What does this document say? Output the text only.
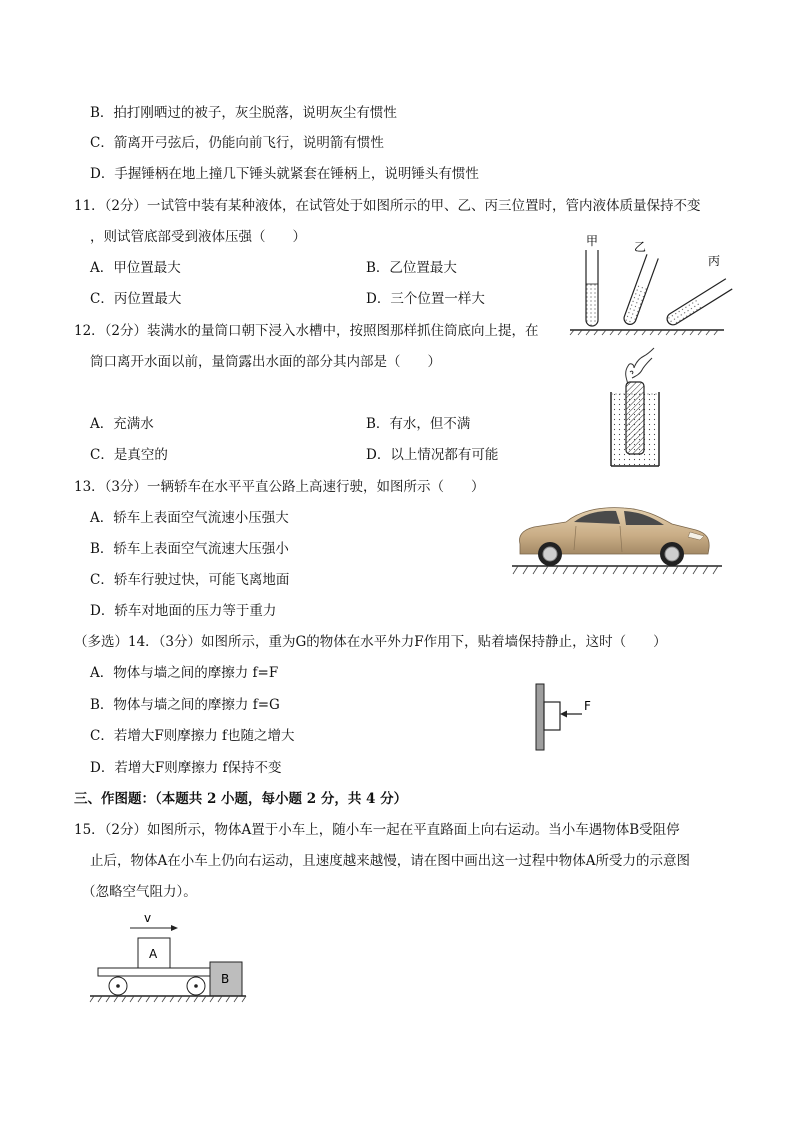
B．拍打刚晒过的被子，灰尘脱落，说明灰尘有惯性
C．箭离开弓弦后，仍能向前飞行，说明箭有惯性
D．手握锤柄在地上撞几下锤头就紧套在锤柄上，说明锤头有惯性
11．（2分）一试管中装有某种液体，在试管处于如图所示的甲、乙、丙三位置时，管内液体质量保持不变
，则试管底部受到液体压强（　　）
A．甲位置最大	B．乙位置最大
C．丙位置最大	D．三个位置一样大
甲	乙
丙
12．（2分）装满水的量筒口朝下浸入水槽中，按照图那样抓住筒底向上提，在
筒口离开水面以前，量筒露出水面的部分其内部是（　　）
A．充满水	B．有水，但不满
C．是真空的	D．以上情况都有可能
13．（3分）一辆轿车在水平平直公路上高速行驶，如图所示（　　）
A．轿车上表面空气流速小压强大
B．轿车上表面空气流速大压强小
C．轿车行驶过快，可能飞离地面
D．轿车对地面的压力等于重力
（多选）14．（3分）如图所示，重为G的物体在水平外力F作用下，贴着墙保持静止，这时（　　）
A．物体与墙之间的摩擦力 f=F
B．物体与墙之间的摩擦力 f=G
C．若增大F则摩擦力 f也随之增大
D．若增大F则摩擦力 f保持不变
F
三、作图题：（本题共 2 小题，每小题 2 分，共 4 分）
15．（2分）如图所示，物体A置于小车上，随小车一起在平直路面上向右运动。当小车遇物体B受阻停
止后，物体A在小车上仍向右运动，且速度越来越慢，请在图中画出这一过程中物体A所受力的示意图
（忽略空气阻力）。
v
A
B
